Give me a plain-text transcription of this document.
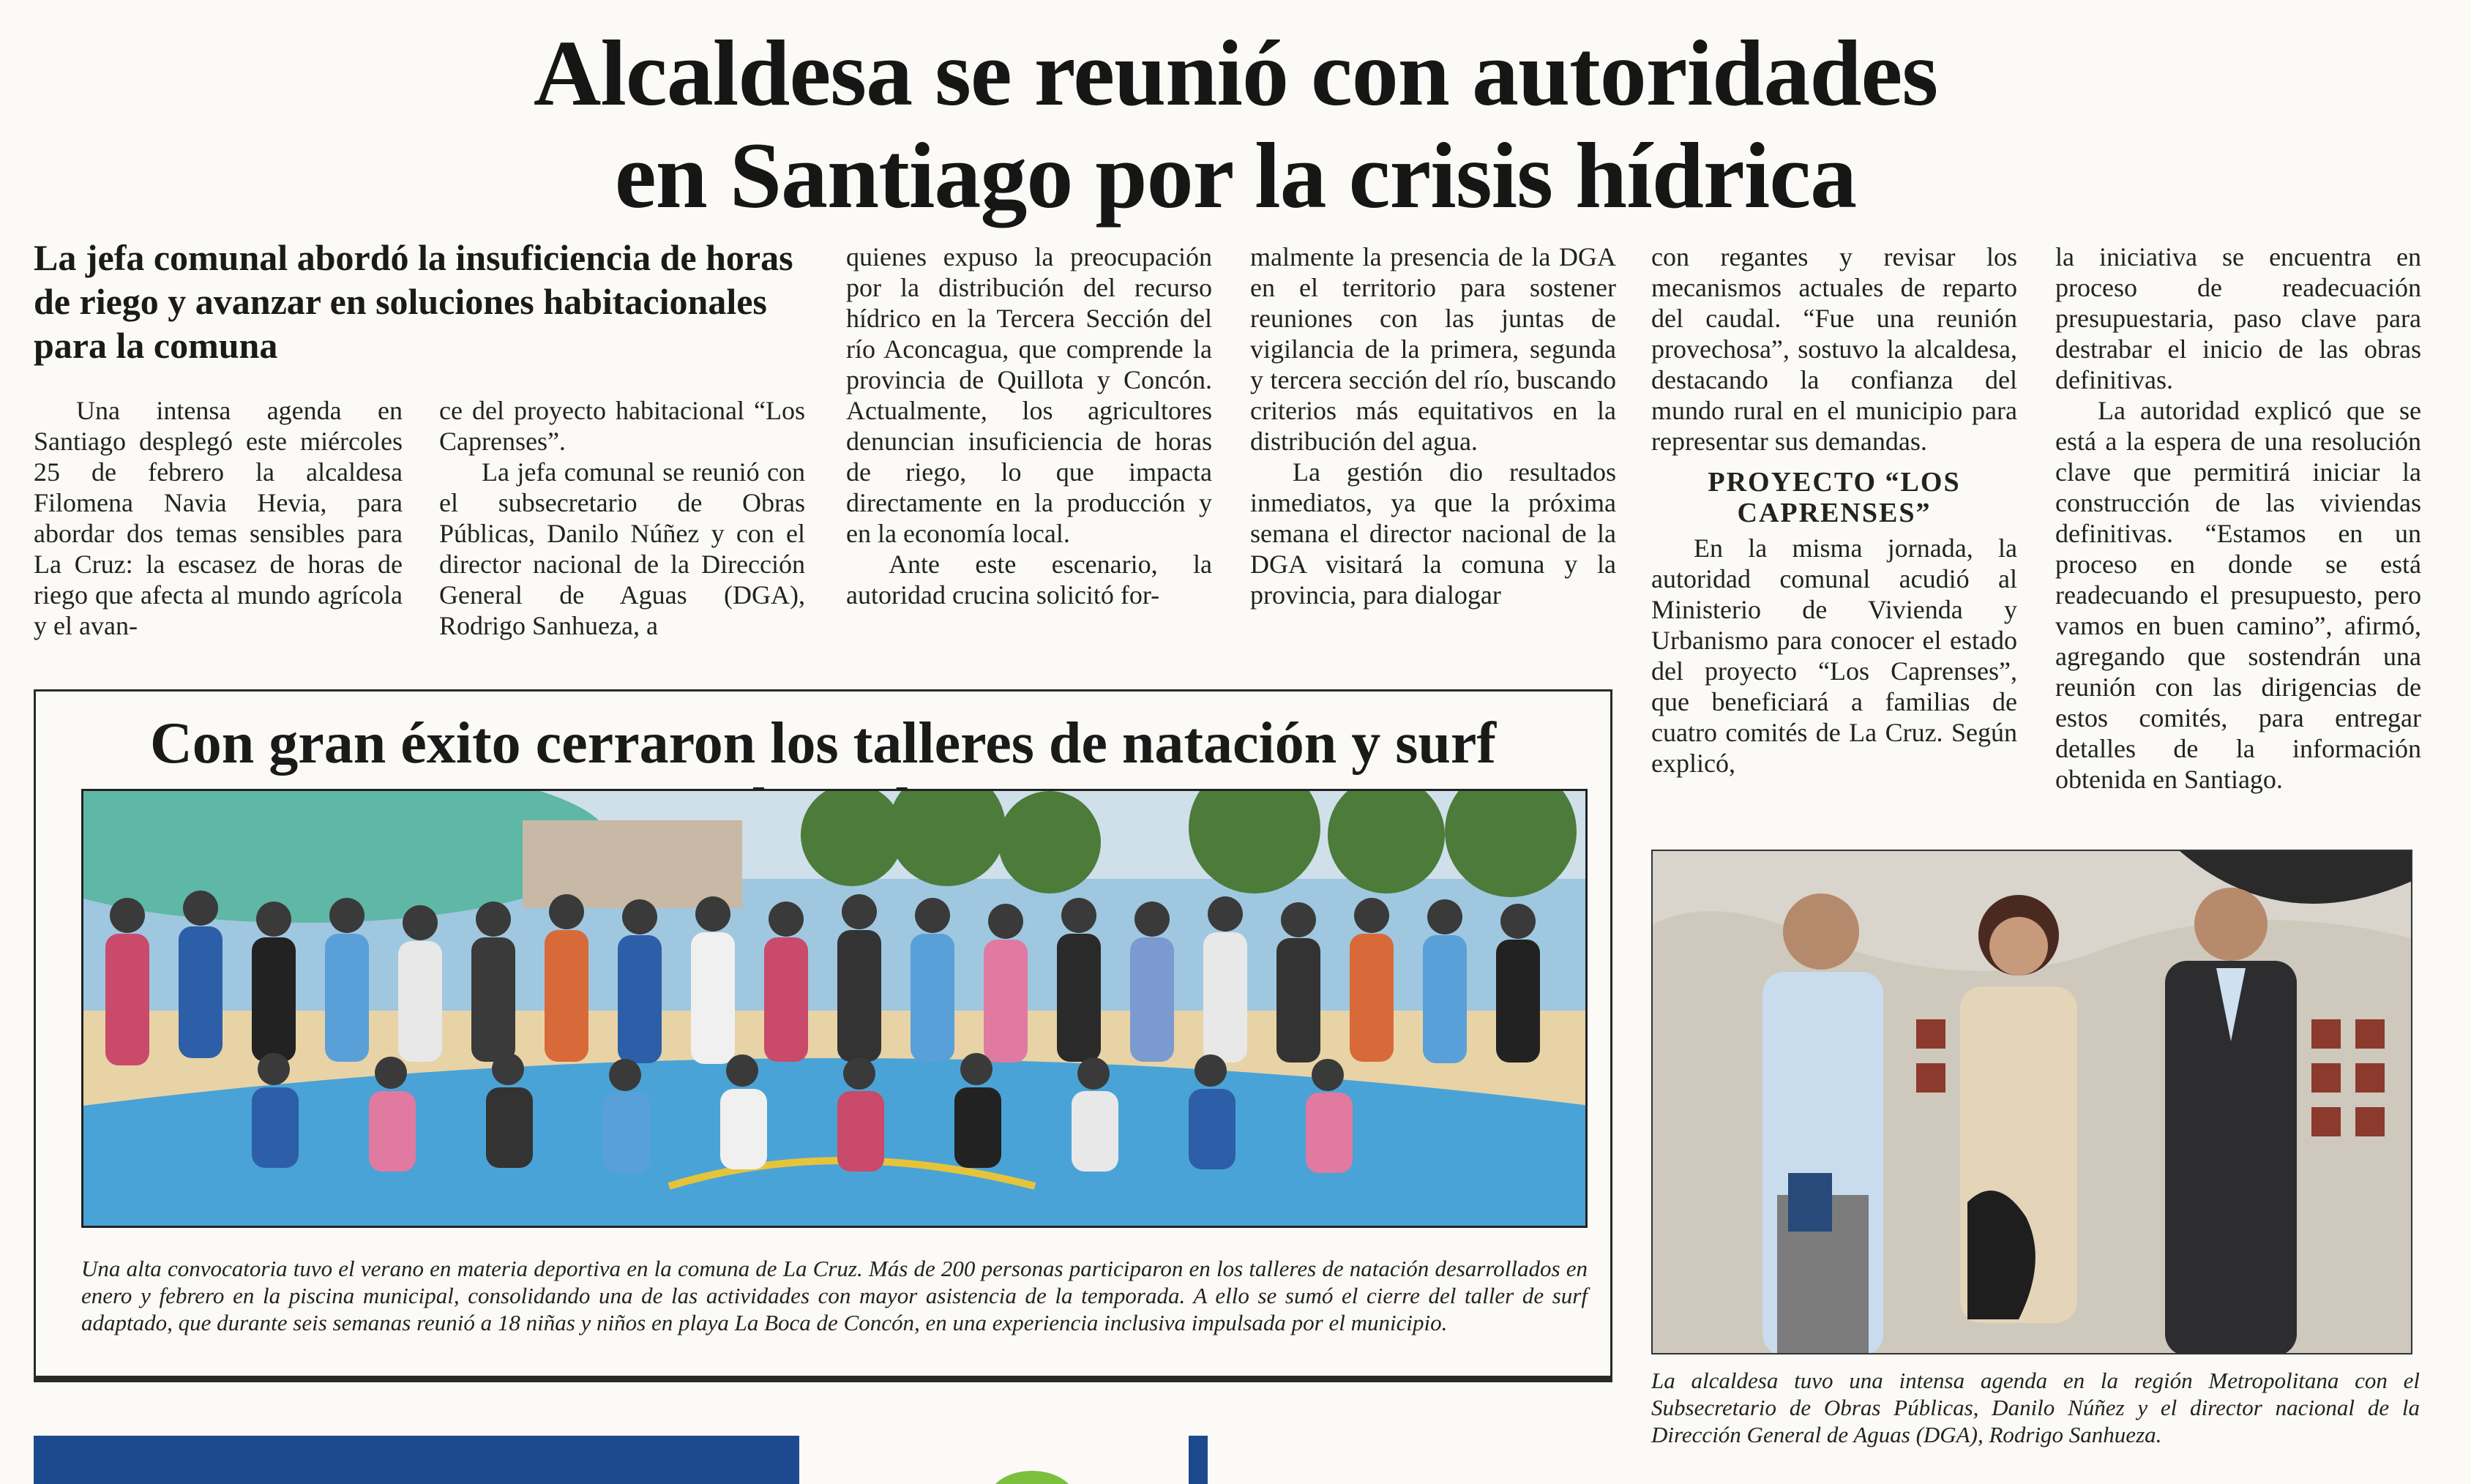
Alcaldesa se reunió con autoridades
en Santiago por la crisis hídrica
La jefa comunal abordó la insuficiencia de horas de riego y avanzar en soluciones habitacionales para la comuna

Una intensa agenda en Santiago desplegó este miércoles 25 de febrero la alcaldesa Filomena Navia Hevia, para abordar dos temas sensibles para La Cruz: la escasez de horas de riego que afecta al mundo agrícola y el avan-

ce del proyecto habitacional “Los Caprenses”.

La jefa comunal se reunió con el subsecretario de Obras Públicas, Danilo Núñez y con el director nacional de la Dirección General de Aguas (DGA), Rodrigo Sanhueza, a

quienes expuso la preocupación por la distribución del recurso hídrico en la Tercera Sección del río Aconcagua, que comprende la provincia de Quillota y Concón. Actualmente, los agricultores denuncian insuficiencia de horas de riego, lo que impacta directamente en la producción y en la economía local.

Ante este escenario, la autoridad crucina solicitó for-

malmente la presencia de la DGA en el territorio para sostener reuniones con las juntas de vigilancia de la primera, segunda y tercera sección del río, buscando criterios más equitativos en la distribución del agua.

La gestión dio resultados inmediatos, ya que la próxima semana el director nacional de la DGA visitará la comuna y la provincia, para dialogar

con regantes y revisar los mecanismos actuales de reparto del caudal. “Fue una reunión provechosa”, sostuvo la alcaldesa, destacando la confianza del mundo rural en el municipio para representar sus demandas.

PROYECTO “LOS CAPRENSES”

En la misma jornada, la autoridad comunal acudió al Ministerio de Vivienda y Urbanismo para conocer el estado del proyecto “Los Caprenses”, que beneficiará a familias de cuatro comités de La Cruz. Según explicó,

la iniciativa se encuentra en proceso de readecuación presupuestaria, paso clave para destrabar el inicio de las obras definitivas.

La autoridad explicó que se está a la espera de una resolución clave que permitirá iniciar la construcción de las viviendas definitivas. “Estamos en un proceso en donde se está readecuando el presupuesto, pero vamos en buen camino”, afirmó, agregando que sostendrán una reunión con las dirigencias de estos comités, para entregar detalles de la información obtenida en Santiago.

Con gran éxito cerraron los talleres de natación y surf
Una alta convocatoria tuvo el verano en materia deportiva en la comuna de La Cruz. Más de 200 personas participaron en los talleres de natación desarrollados en enero y febrero en la piscina municipal, consolidando una de las actividades con mayor asistencia de la temporada. A ello se sumó el cierre del taller de surf adaptado, que durante seis semanas reunió a 18 niñas y niños en playa La Boca de Concón, en una experiencia inclusiva impulsada por el municipio.
La alcaldesa tuvo una intensa agenda en la región Metropolitana con el Subsecretario de Obras Públicas, Danilo Núñez y el director nacional de la Dirección General de Aguas (DGA), Rodrigo Sanhueza.
